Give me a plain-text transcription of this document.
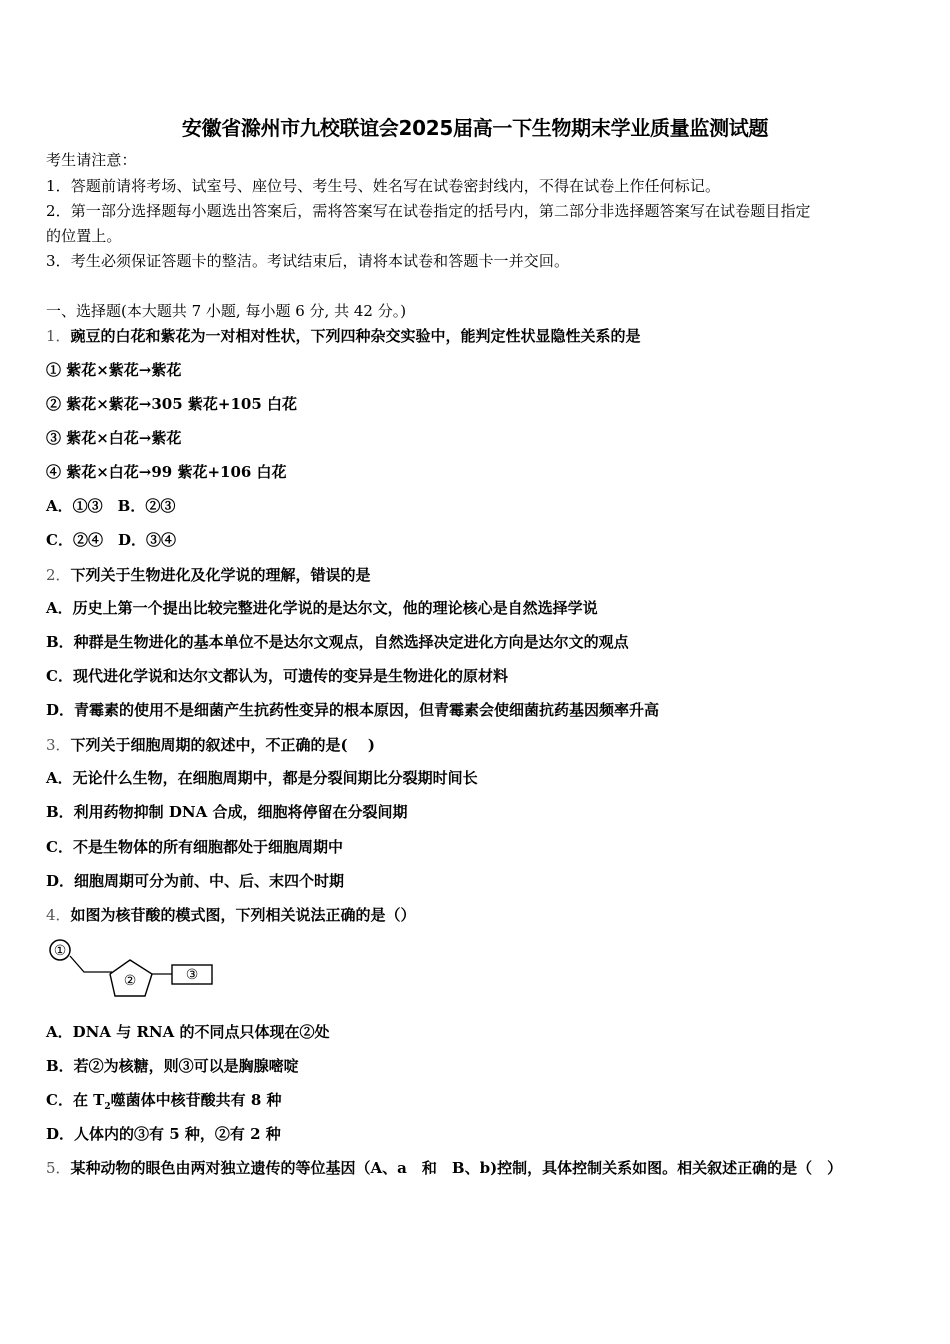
安徽省滁州市九校联谊会2025届高一下生物期末学业质量监测试题
考生请注意：
1．答题前请将考场、试室号、座位号、考生号、姓名写在试卷密封线内，不得在试卷上作任何标记。
2．第一部分选择题每小题选出答案后，需将答案写在试卷指定的括号内，第二部分非选择题答案写在试卷题目指定
的位置上。
3．考生必须保证答题卡的整洁。考试结束后，请将本试卷和答题卡一并交回。
一、选择题(本大题共 7 小题, 每小题 6 分, 共 42 分。)
1．豌豆的白花和紫花为一对相对性状，下列四种杂交实验中，能判定性状显隐性关系的是
① 紫花×紫花→紫花
② 紫花×紫花→305 紫花+105 白花
③ 紫花×白花→紫花
④ 紫花×白花→99 紫花+106 白花
A．①③　B．②③
C．②④　D．③④
2．下列关于生物进化及化学说的理解，错误的是
A．历史上第一个提出比较完整进化学说的是达尔文，他的理论核心是自然选择学说
B．种群是生物进化的基本单位不是达尔文观点，自然选择决定进化方向是达尔文的观点
C．现代进化学说和达尔文都认为，可遗传的变异是生物进化的原材料
D．青霉素的使用不是细菌产生抗药性变异的根本原因，但青霉素会使细菌抗药基因频率升高
3．下列关于细胞周期的叙述中，不正确的是(　 )
A．无论什么生物，在细胞周期中，都是分裂间期比分裂期时间长
B．利用药物抑制 DNA 合成，细胞将停留在分裂间期
C．不是生物体的所有细胞都处于细胞周期中
D．细胞周期可分为前、中、后、末四个时期
4．如图为核苷酸的模式图，下列相关说法正确的是（）
①
②	③
A．DNA 与 RNA 的不同点只体现在②处
B．若②为核糖，则③可以是胸腺嘧啶
C．在 $T_2$噬菌体中核苷酸共有 8 种
D．人体内的③有 5 种，②有 2 种
5．某种动物的眼色由两对独立遗传的等位基因（A、a　和　B、b)控制，具体控制关系如图。相关叙述正确的是（　）
